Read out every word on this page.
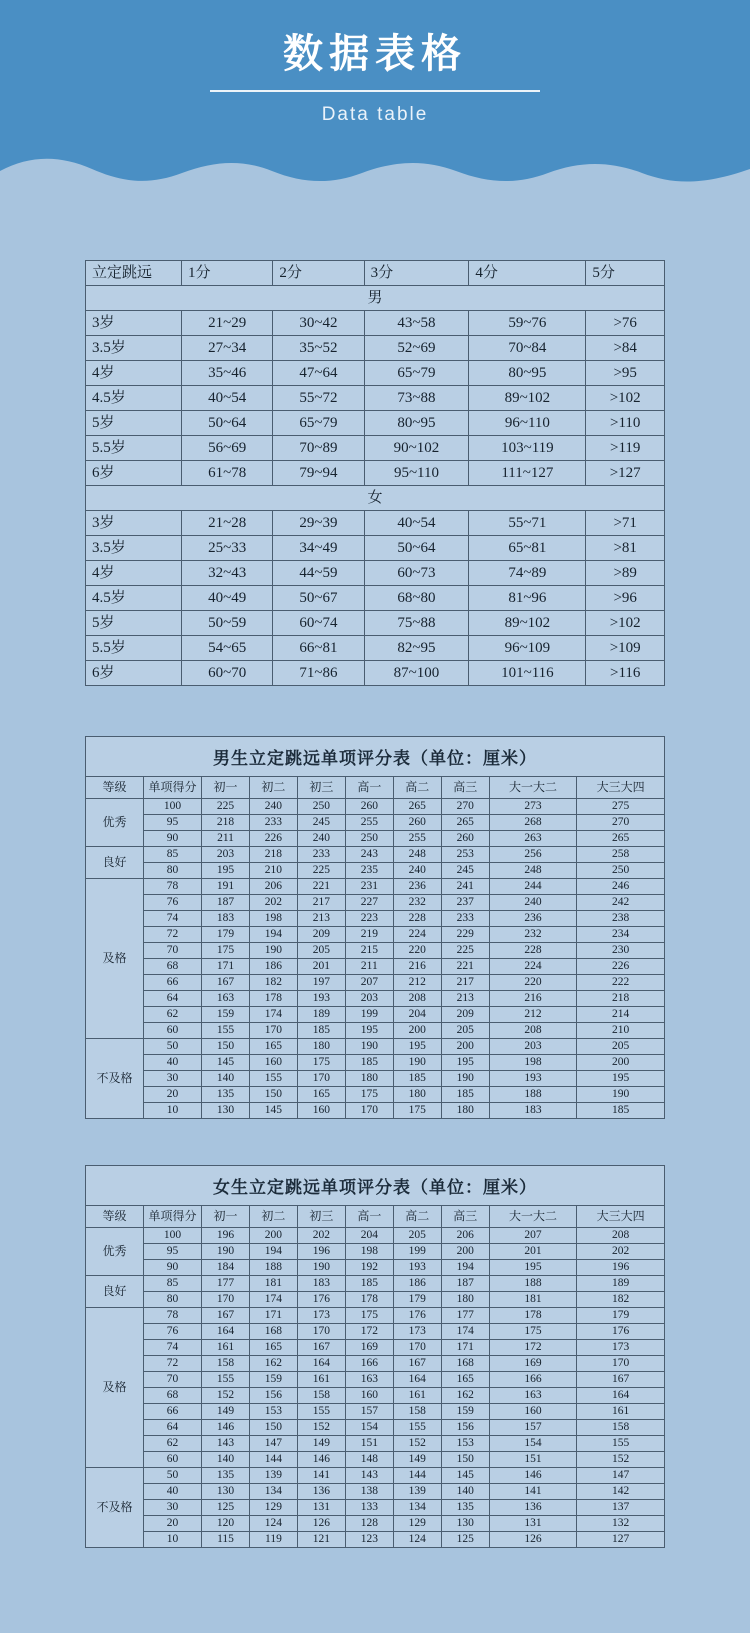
数据表格
Data table
立定跳远	1分	2分	3分	4分	5分
男					
3岁	21~29	30~42	43~58	59~76	>76
3.5岁	27~34	35~52	52~69	70~84	>84
4岁	35~46	47~64	65~79	80~95	>95
4.5岁	40~54	55~72	73~88	89~102	>102
5岁	50~64	65~79	80~95	96~110	>110
5.5岁	56~69	70~89	90~102	103~119	>119
6岁	61~78	79~94	95~110	111~127	>127
女					
3岁	21~28	29~39	40~54	55~71	>71
3.5岁	25~33	34~49	50~64	65~81	>81
4岁	32~43	44~59	60~73	74~89	>89
4.5岁	40~49	50~67	68~80	81~96	>96
5岁	50~59	60~74	75~88	89~102	>102
5.5岁	54~65	66~81	82~95	96~109	>109
6岁	60~70	71~86	87~100	101~116	>116
男生立定跳远单项评分表（单位：厘米）
等级	单项得分	初一	初二	初三	高一	高二	高三	大一大二	大三大四
优秀	100	225	240	250	260	265	270	273	275
	95	218	233	245	255	260	265	268	270
	90	211	226	240	250	255	260	263	265
良好	85	203	218	233	243	248	253	256	258
	80	195	210	225	235	240	245	248	250
及格	78	191	206	221	231	236	241	244	246
	76	187	202	217	227	232	237	240	242
	74	183	198	213	223	228	233	236	238
	72	179	194	209	219	224	229	232	234
	70	175	190	205	215	220	225	228	230
	68	171	186	201	211	216	221	224	226
	66	167	182	197	207	212	217	220	222
	64	163	178	193	203	208	213	216	218
	62	159	174	189	199	204	209	212	214
	60	155	170	185	195	200	205	208	210
不及格	50	150	165	180	190	195	200	203	205
	40	145	160	175	185	190	195	198	200
	30	140	155	170	180	185	190	193	195
	20	135	150	165	175	180	185	188	190
	10	130	145	160	170	175	180	183	185
女生立定跳远单项评分表（单位：厘米）
等级	单项得分	初一	初二	初三	高一	高二	高三	大一大二	大三大四
优秀	100	196	200	202	204	205	206	207	208
	95	190	194	196	198	199	200	201	202
	90	184	188	190	192	193	194	195	196
良好	85	177	181	183	185	186	187	188	189
	80	170	174	176	178	179	180	181	182
及格	78	167	171	173	175	176	177	178	179
	76	164	168	170	172	173	174	175	176
	74	161	165	167	169	170	171	172	173
	72	158	162	164	166	167	168	169	170
	70	155	159	161	163	164	165	166	167
	68	152	156	158	160	161	162	163	164
	66	149	153	155	157	158	159	160	161
	64	146	150	152	154	155	156	157	158
	62	143	147	149	151	152	153	154	155
	60	140	144	146	148	149	150	151	152
不及格	50	135	139	141	143	144	145	146	147
	40	130	134	136	138	139	140	141	142
	30	125	129	131	133	134	135	136	137
	20	120	124	126	128	129	130	131	132
	10	115	119	121	123	124	125	126	127
